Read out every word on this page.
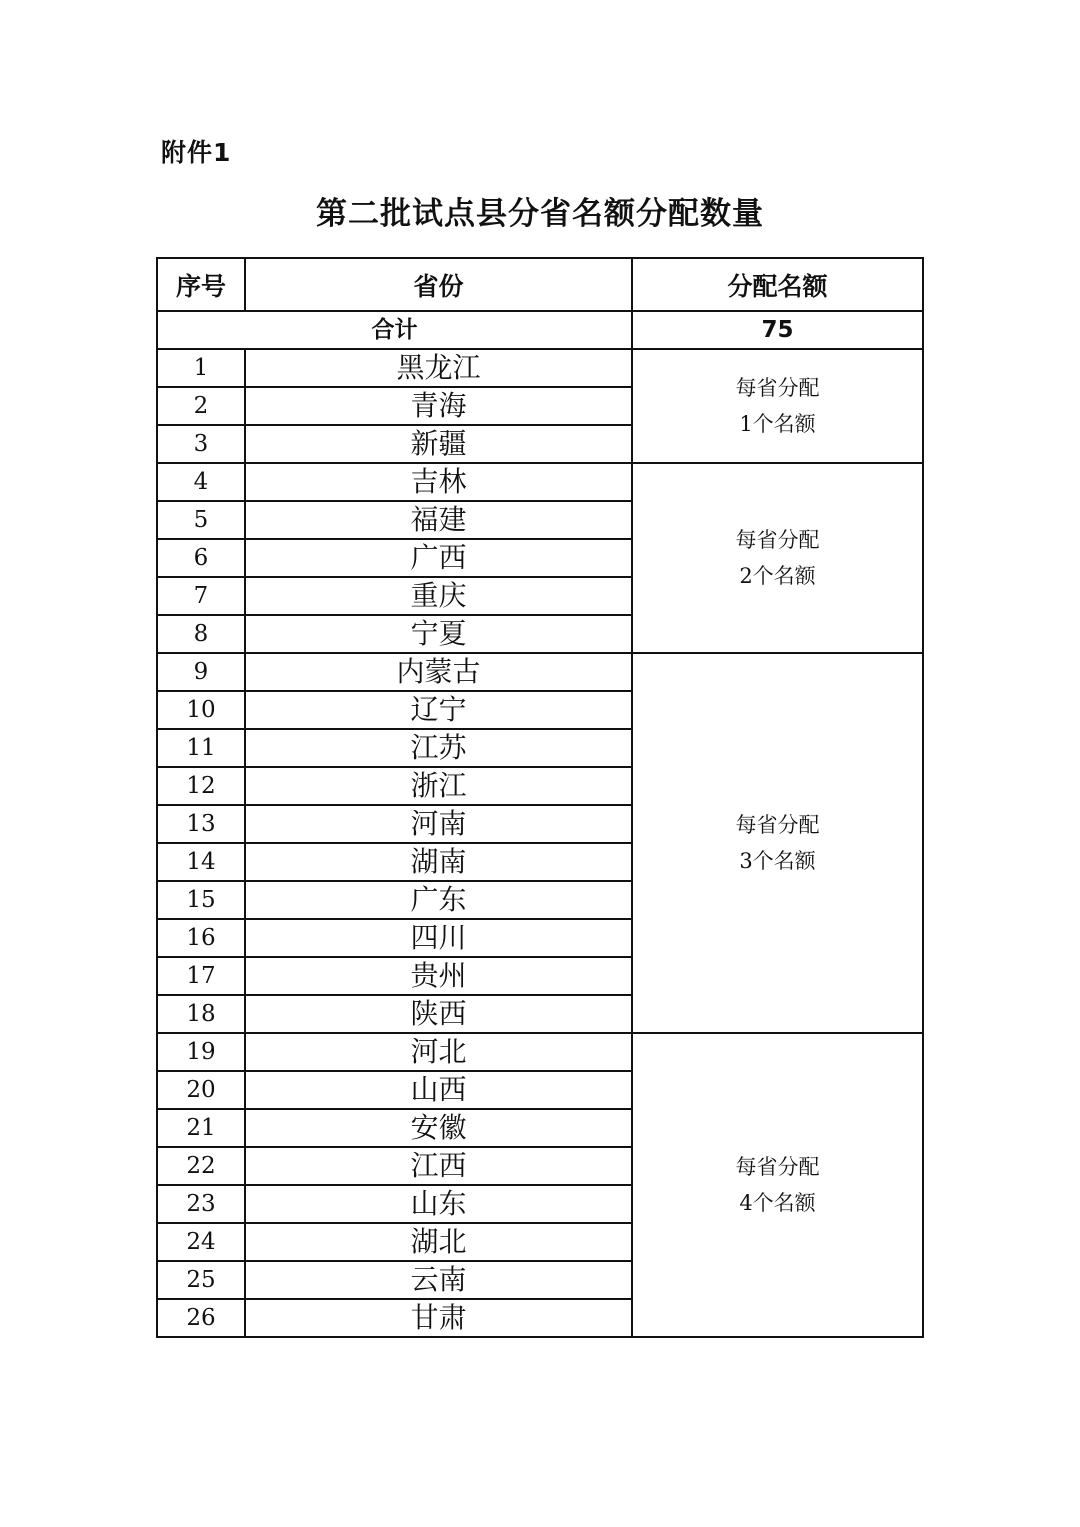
附件1
第二批试点县分省名额分配数量
序号	省份	分配名额
合计		75
1	黑龙江	每省分配
1个名额

2	青海	
3	新疆	
4	吉林	每省分配
2个名额

5	福建	
6	广西	
7	重庆	
8	宁夏	
9	内蒙古	每省分配
3个名额

10	辽宁	
11	江苏	
12	浙江	
13	河南	
14	湖南	
15	广东	
16	四川	
17	贵州	
18	陕西	
19	河北	每省分配
4个名额

20	山西	
21	安徽	
22	江西	
23	山东	
24	湖北	
25	云南	
26	甘肃	
